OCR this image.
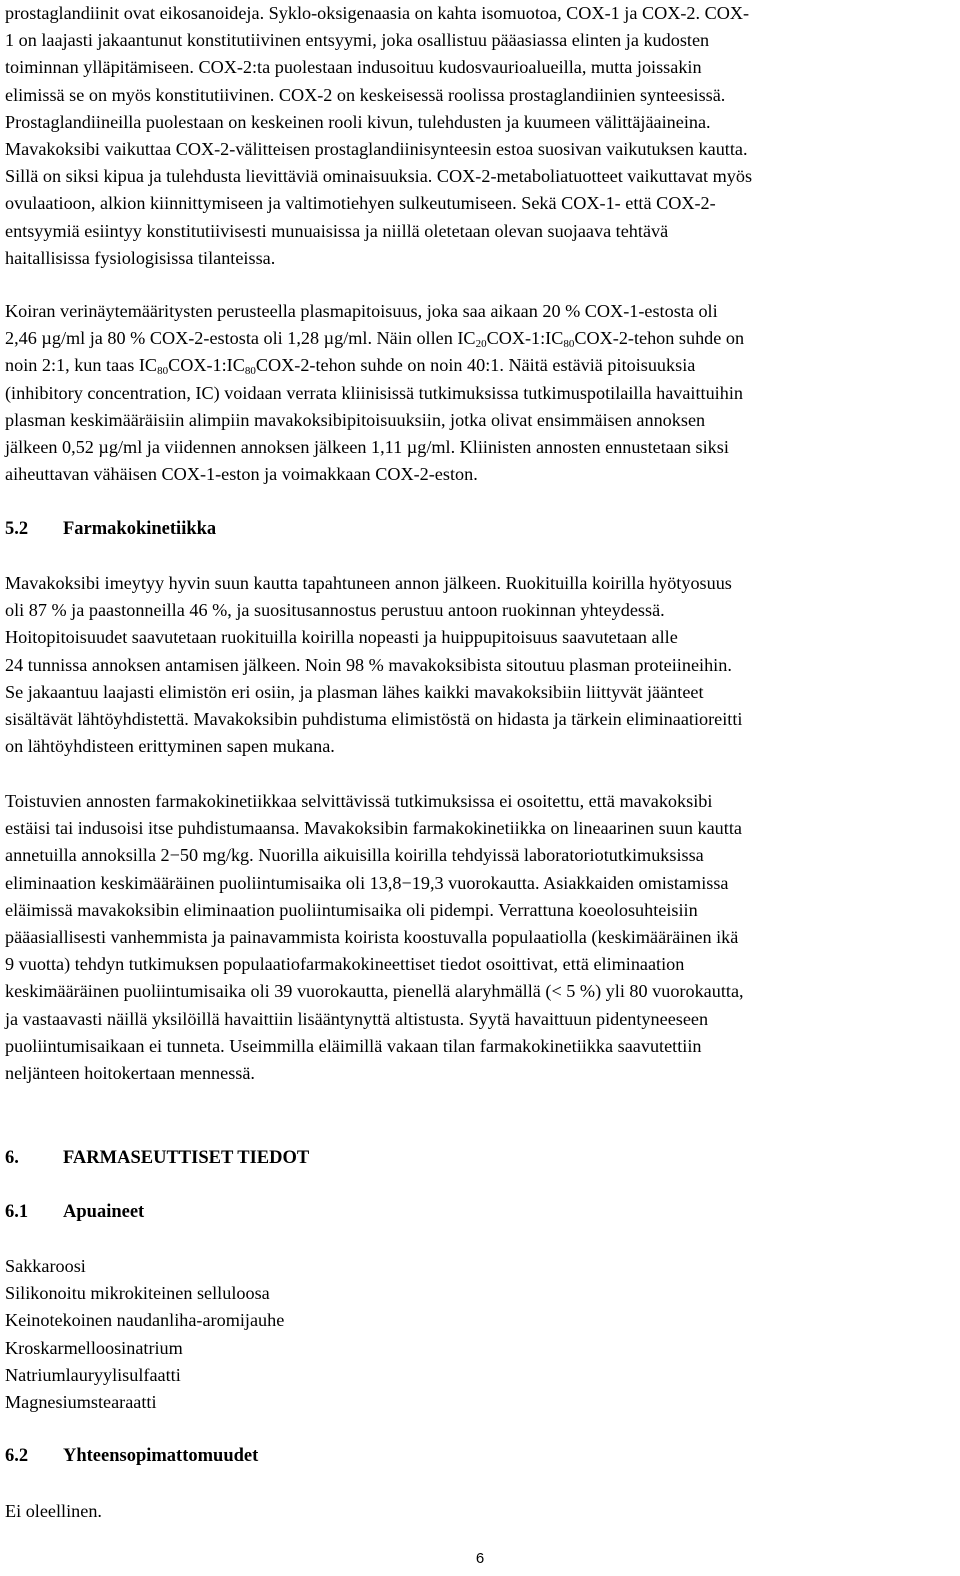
prostaglandiinit ovat eikosanoideja. Syklo-oksigenaasia on kahta isomuotoa, COX-1 ja COX-2. COX-
1 on laajasti jakaantunut konstitutiivinen entsyymi, joka osallistuu pääasiassa elinten ja kudosten
toiminnan ylläpitämiseen. COX-2:ta puolestaan indusoituu kudosvaurioalueilla, mutta joissakin
elimissä se on myös konstitutiivinen. COX-2 on keskeisessä roolissa prostaglandiinien synteesissä.
Prostaglandiineilla puolestaan on keskeinen rooli kivun, tulehdusten ja kuumeen välittäjäaineina.
Mavakoksibi vaikuttaa COX-2-välitteisen prostaglandiinisynteesin estoa suosivan vaikutuksen kautta.
Sillä on siksi kipua ja tulehdusta lievittäviä ominaisuuksia. COX-2-metaboliatuotteet vaikuttavat myös
ovulaatioon, alkion kiinnittymiseen ja valtimotiehyen sulkeutumiseen. Sekä COX-1- että COX-2-
entsyymiä esiintyy konstitutiivisesti munuaisissa ja niillä oletetaan olevan suojaava tehtävä
haitallisissa fysiologisissa tilanteissa.

Koiran verinäytemääritysten perusteella plasmapitoisuus, joka saa aikaan 20 % COX-1-estosta oli
2,46 µg/ml ja 80 % COX-2-estosta oli 1,28 µg/ml. Näin ollen $IC_{20}COX-1:IC_{80}COX-2$-tehon suhde on
noin 2:1, kun taas $IC_{80}COX-1:IC_{80}COX-2$-tehon suhde on noin 40:1. Näitä estäviä pitoisuuksia
(inhibitory concentration, IC) voidaan verrata kliinisissä tutkimuksissa tutkimuspotilailla havaittuihin
plasman keskimääräisiin alimpiin mavakoksibipitoisuuksiin, jotka olivat ensimmäisen annoksen
jälkeen 0,52 µg/ml ja viidennen annoksen jälkeen 1,11 µg/ml. Kliinisten annosten ennustetaan siksi
aiheuttavan vähäisen COX-1-eston ja voimakkaan COX-2-eston.

5.2 Farmakokinetiikka

Mavakoksibi imeytyy hyvin suun kautta tapahtuneen annon jälkeen. Ruokituilla koirilla hyötyosuus
oli 87 % ja paastonneilla 46 %, ja suositusannostus perustuu antoon ruokinnan yhteydessä.
Hoitopitoisuudet saavutetaan ruokituilla koirilla nopeasti ja huippupitoisuus saavutetaan alle
24 tunnissa annoksen antamisen jälkeen. Noin 98 % mavakoksibista sitoutuu plasman proteiineihin.
Se jakaantuu laajasti elimistön eri osiin, ja plasman lähes kaikki mavakoksibiin liittyvät jäänteet
sisältävät lähtöyhdistettä. Mavakoksibin puhdistuma elimistöstä on hidasta ja tärkein eliminaatioreitti
on lähtöyhdisteen erittyminen sapen mukana.

Toistuvien annosten farmakokinetiikkaa selvittävissä tutkimuksissa ei osoitettu, että mavakoksibi
estäisi tai indusoisi itse puhdistumaansa. Mavakoksibin farmakokinetiikka on lineaarinen suun kautta
annetuilla annoksilla 2−50 mg/kg. Nuorilla aikuisilla koirilla tehdyissä laboratoriotutkimuksissa
eliminaation keskimääräinen puoliintumisaika oli 13,8−19,3 vuorokautta. Asiakkaiden omistamissa
eläimissä mavakoksibin eliminaation puoliintumisaika oli pidempi. Verrattuna koeolosuhteisiin
pääasiallisesti vanhemmista ja painavammista koirista koostuvalla populaatiolla (keskimääräinen ikä
9 vuotta) tehdyn tutkimuksen populaatiofarmakokineettiset tiedot osoittivat, että eliminaation
keskimääräinen puoliintumisaika oli 39 vuorokautta, pienellä alaryhmällä (< 5 %) yli 80 vuorokautta,
ja vastaavasti näillä yksilöillä havaittiin lisääntynyttä altistusta. Syytä havaittuun pidentyneeseen
puoliintumisaikaan ei tunneta. Useimmilla eläimillä vakaan tilan farmakokinetiikka saavutettiin
neljänteen hoitokertaan mennessä.

6. FARMASEUTTISET TIEDOT
6.1 Apuaineet
Sakkaroosi
Silikonoitu mikrokiteinen selluloosa
Keinotekoinen naudanliha-aromijauhe
Kroskarmelloosinatrium
Natriumlauryylisulfaatti
Magnesiumstearaatti
6.2 Yhteensopimattomuudet

Ei oleellinen.

6
